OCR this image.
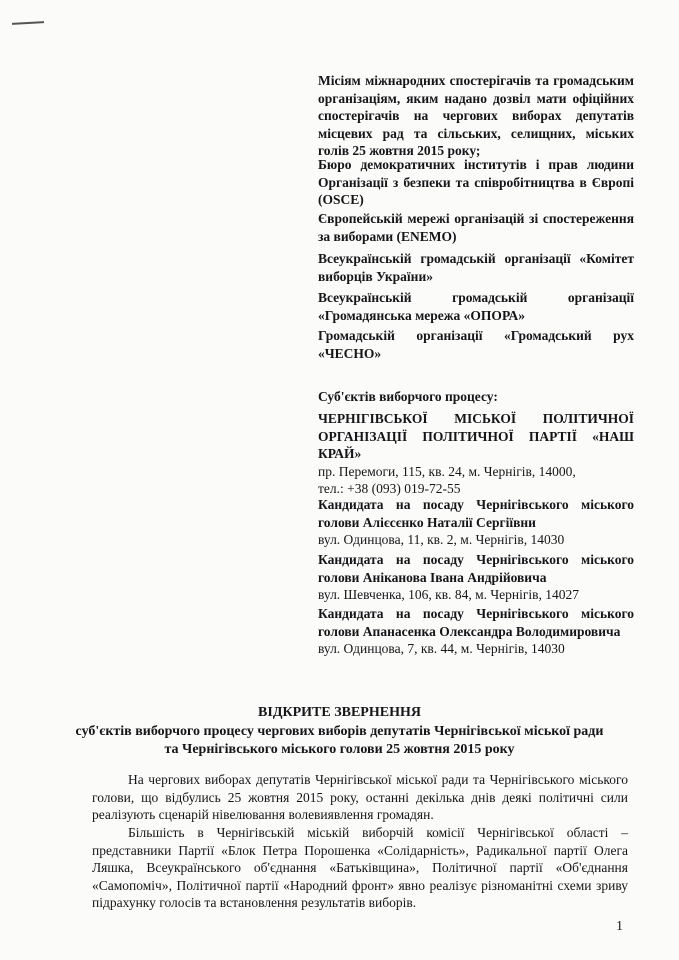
Місіям міжнародних спостерігачів та громадським організаціям, яким надано дозвіл мати офіційних спостерігачів на чергових виборах депутатів місцевих рад та сільських, селищних, міських голів 25 жовтня 2015 року;

Бюро демократичних інститутів і прав людини Організації з безпеки та співробітництва в Європі (OSCE)

Європейській мережі організацій зі спостереження за виборами (ENEMO)

Всеукраїнській громадській організації «Комітет виборців України»

Всеукраїнській громадській організації «Громадянська мережа «ОПОРА»

Громадській організації «Громадський рух «ЧЕСНО»

Суб'єктів виборчого процесу:

ЧЕРНІГІВСЬКОЇ МІСЬКОЇ ПОЛІТИЧНОЇ ОРГАНІЗАЦІЇ ПОЛІТИЧНОЇ ПАРТІЇ «НАШ КРАЙ»

пр. Перемоги, 115, кв. 24, м. Чернігів, 14000,

тел.: +38 (093) 019-72-55

Кандидата на посаду Чернігівського міського голови Алієсєнко Наталії Сергіївни

вул. Одинцова, 11, кв. 2, м. Чернігів, 14030

Кандидата на посаду Чернігівського міського голови Аніканова Івана Андрійовича

вул. Шевченка, 106, кв. 84, м. Чернігів, 14027

Кандидата на посаду Чернігівського міського голови Апанасенка Олександра Володимировича

вул. Одинцова, 7, кв. 44, м. Чернігів, 14030

ВІДКРИТЕ ЗВЕРНЕННЯ

суб'єктів виборчого процесу чергових виборів депутатів Чернігівської міської ради

та Чернігівського міського голови 25 жовтня 2015 року

На чергових виборах депутатів Чернігівської міської ради та Чернігівського міського голови, що відбулись 25 жовтня 2015 року, останні декілька днів деякі політичні сили реалізують сценарій нівелювання волевиявлення громадян.

Більшість в Чернігівській міській виборчій комісії Чернігівської області – представники Партії «Блок Петра Порошенка «Солідарність», Радикальної партії Олега Ляшка, Всеукраїнського об'єднання «Батьківщина», Політичної партії «Об'єднання «Самопоміч», Політичної партії «Народний фронт» явно реалізує різноманітні схеми зриву підрахунку голосів та встановлення результатів виборів.

1
